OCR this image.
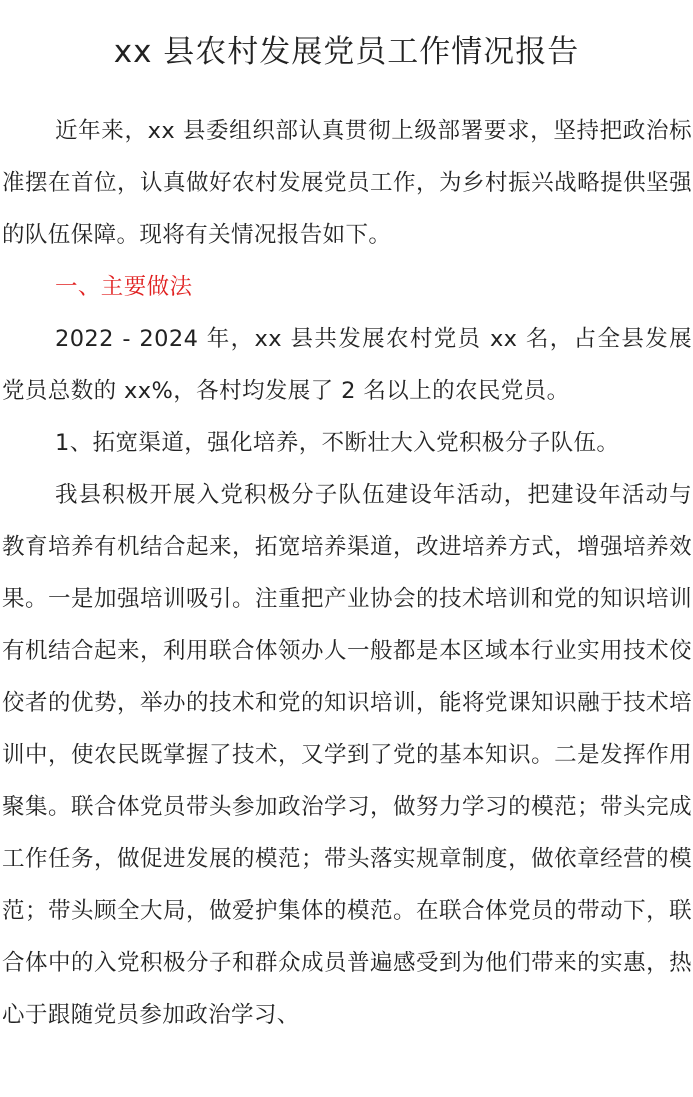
xx 县农村发展党员工作情况报告

近年来，xx 县委组织部认真贯彻上级部署要求，坚持把政治标准摆在首位，认真做好农村发展党员工作，为乡村振兴战略提供坚强的队伍保障。现将有关情况报告如下。

一、主要做法

2022 - 2024 年，xx 县共发展农村党员 xx 名，占全县发展党员总数的 xx%，各村均发展了 2 名以上的农民党员。

1、拓宽渠道，强化培养，不断壮大入党积极分子队伍。

我县积极开展入党积极分子队伍建设年活动，把建设年活动与教育培养有机结合起来，拓宽培养渠道，改进培养方式，增强培养效果。一是加强培训吸引。注重把产业协会的技术培训和党的知识培训有机结合起来，利用联合体领办人一般都是本区域本行业实用技术佼佼者的优势，举办的技术和党的知识培训，能将党课知识融于技术培训中，使农民既掌握了技术，又学到了党的基本知识。二是发挥作用聚集。联合体党员带头参加政治学习，做努力学习的模范；带头完成工作任务，做促进发展的模范；带头落实规章制度，做依章经营的模范；带头顾全大局，做爱护集体的模范。在联合体党员的带动下，联合体中的入党积极分子和群众成员普遍感受到为他们带来的实惠，热心于跟随党员参加政治学习、
